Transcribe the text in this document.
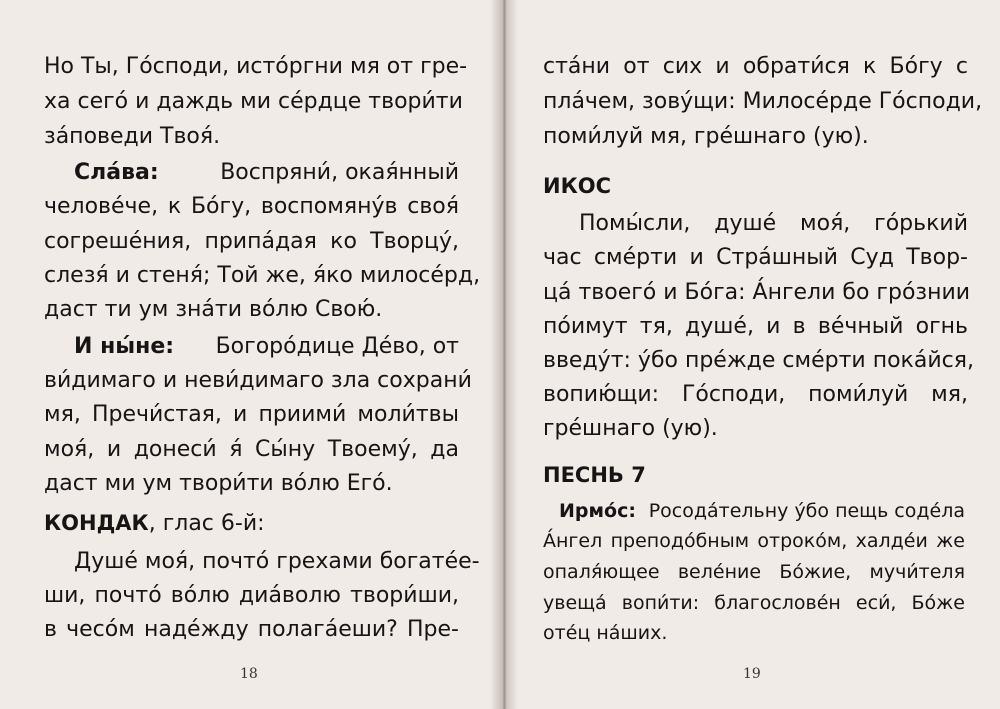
Но Ты, Го́споди, исто́ргни мя от гре-
ха сего́ и даждь ми се́рдце твори́ти
за́поведи Твоя́.
Сла́ва:	Воспряни́, окая́нный
челове́че, к Бо́гу, воспомяну́в своя́
согреше́ния, припа́дая ко Творцу́,
слезя́ и стеня́; Той же, я́ко милосе́рд,
даст ти ум зна́ти во́лю Свою́.
И ны́не: Богоро́дице Де́во, от
ви́димаго и неви́димаго зла сохрани́
мя, Пречи́стая, и приими́ моли́твы
моя́, и донеси́ я́ Сы́ну Твоему́, да
даст ми ум твори́ти во́лю Его́.
КОНДАК, глас 6-й:
Душе́ моя́, почто́ грехами богате́е-
ши, почто́ во́лю диа́волю твори́ши,
в чесо́м наде́жду полага́еши? Пре-
18
ста́ни от сих и обрати́ся к Бо́гу с
пла́чем, зову́щи: Милосе́рде Го́споди,
поми́луй мя, гре́шнаго (ую).
ИКОС
Помы́сли, душе́ моя́, го́рький
час сме́рти и Стра́шный Суд Твор-
ца́ твоего́ и Бо́га: А́нгели бо гро́знии
по́имут тя, душе́, и в ве́чный огнь
введу́т: у́бо пре́жде сме́рти пока́йся,
вопию́щи: Го́споди, поми́луй мя,
гре́шнаго (ую).
ПЕСНЬ 7
Ирмо́с: Росода́тельну у́бо пещь соде́ла
А́нгел преподо́бным отроко́м, халде́и же
опаля́ющее веле́ние Бо́жие, мучи́теля
увеща́ вопи́ти: благослове́н еси́, Бо́же
оте́ц на́ших.
19
